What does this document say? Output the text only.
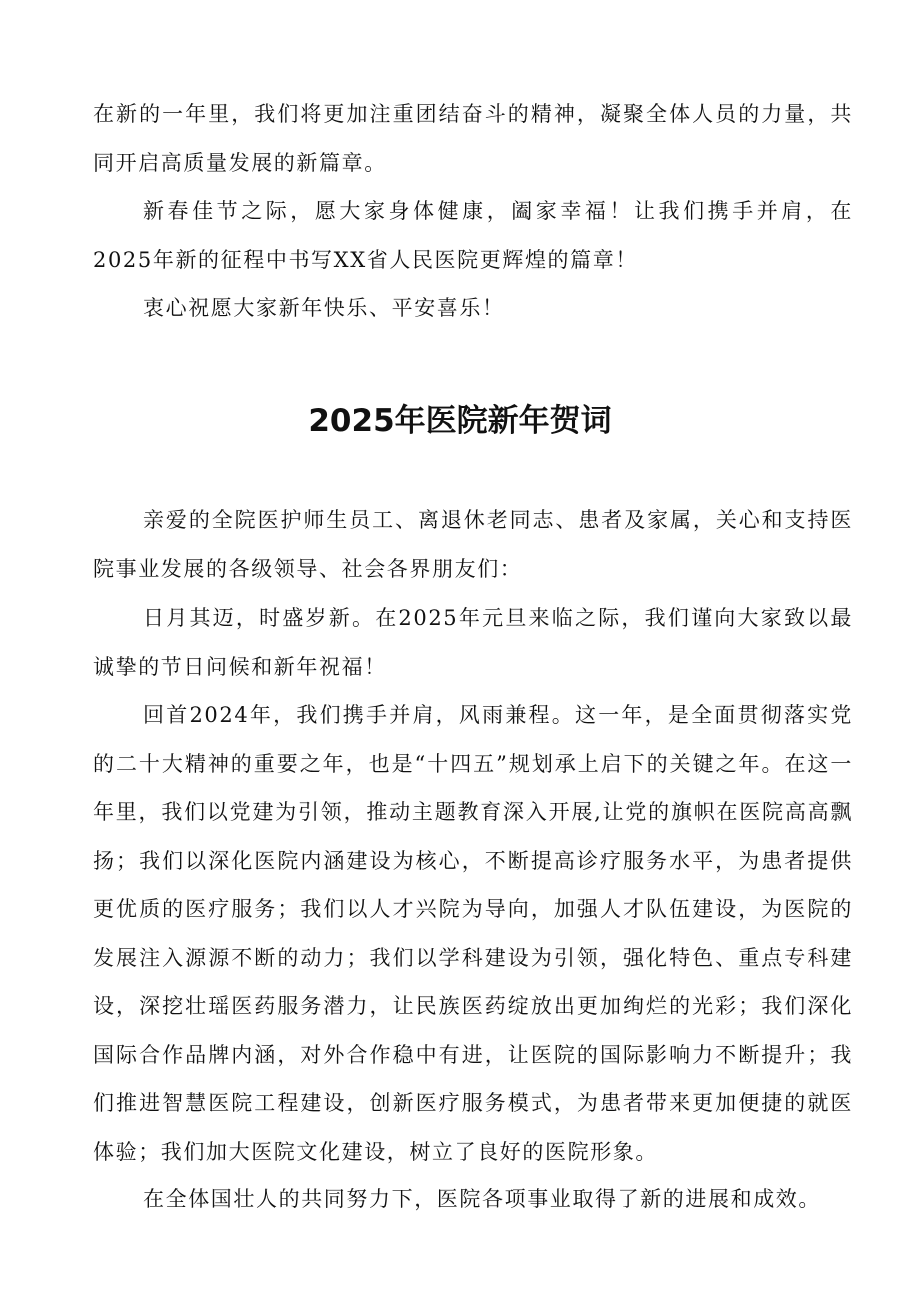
在新的一年里，我们将更加注重团结奋斗的精神，凝聚全体人员的力量，共同开启高质量发展的新篇章。

新春佳节之际，愿大家身体健康，阖家幸福！让我们携手并肩，在2025年新的征程中书写XX省人民医院更辉煌的篇章！

衷心祝愿大家新年快乐、平安喜乐！

2025年医院新年贺词

亲爱的全院医护师生员工、离退休老同志、患者及家属，关心和支持医院事业发展的各级领导、社会各界朋友们：

日月其迈，时盛岁新。在2025年元旦来临之际，我们谨向大家致以最诚挚的节日问候和新年祝福！

回首2024年，我们携手并肩，风雨兼程。这一年，是全面贯彻落实党的二十大精神的重要之年，也是“十四五”规划承上启下的关键之年。在这一年里，我们以党建为引领，推动主题教育深入开展,让党的旗帜在医院高高飘扬；我们以深化医院内涵建设为核心，不断提高诊疗服务水平，为患者提供更优质的医疗服务；我们以人才兴院为导向，加强人才队伍建设，为医院的发展注入源源不断的动力；我们以学科建设为引领，强化特色、重点专科建设，深挖壮瑶医药服务潜力，让民族医药绽放出更加绚烂的光彩；我们深化国际合作品牌内涵，对外合作稳中有进，让医院的国际影响力不断提升；我们推进智慧医院工程建设，创新医疗服务模式，为患者带来更加便捷的就医体验；我们加大医院文化建设，树立了良好的医院形象。

在全体国壮人的共同努力下，医院各项事业取得了新的进展和成效。
